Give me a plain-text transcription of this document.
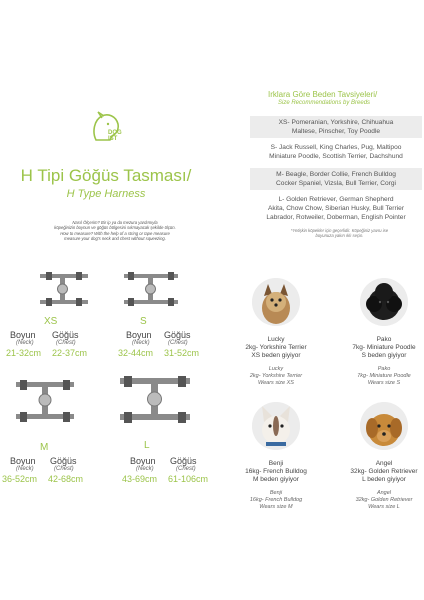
DOG
IST
H Tipi Göğüs Tasması/
H Type Harness
Nasıl Ölçerim? Bir ip ya da mezura yardımıyla
köpeğinizin boynun ve göğüs bölgesini sıkmayacak şekilde ölçün.
How to measure? With the help of a string or tape measure
measure your dog's neck and chest without squeezing.
XS
Boyun
(Neck)
Göğüs
(Chest)
21-32cm 22-37cm
S
Boyun
(Neck)
Göğüs
(Chest)
32-44cm 31-52cm
M
Boyun
(Neck)
Göğüs
(Chest)
36-52cm 42-68cm
L
Boyun
(Neck)
Göğüs
(Chest)
43-69cm 61-106cm
Irklara Göre Beden Tavsiyeleri/
Size Recommendations by Breeds
XS- Pomeranian, Yorkshire, Chihuahua
Maltese, Pinscher, Toy Poodle
S- Jack Russell, King Charles, Pug, Maltipoo
Miniature Poodle, Scottish Terrier, Dachshund
M- Beagle, Border Collie, French Bulldog
Cocker Spaniel, Vizsla, Bull Terrier, Corgi
L- Golden Retriever, German Shepherd
Akita, Chow Chow, Siberian Husky, Bull Terrier
Labrador, Rotweiler, Doberman, English Pointer
*Yetişkin köpekler için geçerlidir. Köpeğiniz yavru ise
boyunuza yakın ıklı seçin.
Lucky
2kg- Yorkshire Terrier
XS beden giyiyor
Lucky
2kg- Yorkshire Terrier
Wears size XS
Pako
7kg- Miniature Poodle
S beden giyiyor
Pako
7kg- Miniature Poodle
Wears size S
Benji
16kg- French Bulldog
M beden giyiyor
Benji
16kg- French Bulldog
Wears size M
Angel
32kg- Golden Retriever
L beden giyiyor
Angel
32kg- Golden Retriever
Wears size L
